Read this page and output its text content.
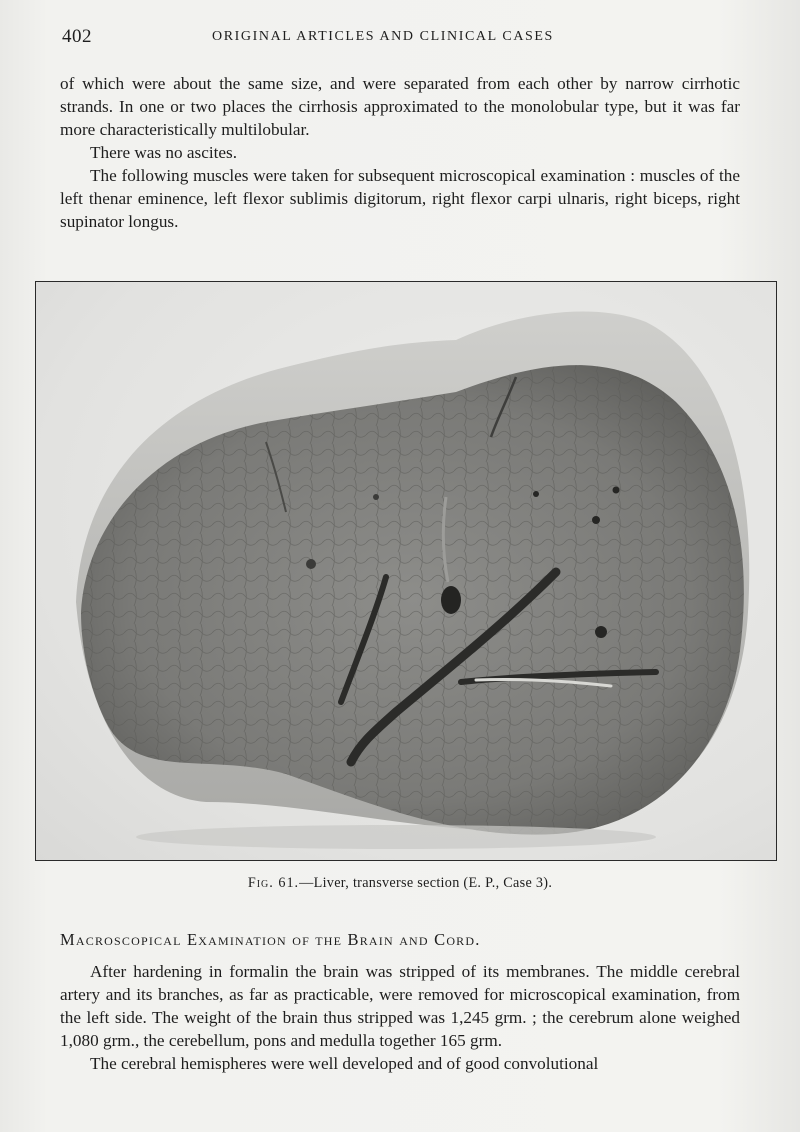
402	ORIGINAL ARTICLES AND CLINICAL CASES

of which were about the same size, and were separated from each other by narrow cirrhotic strands. In one or two places the cirrhosis approximated to the monolobular type, but it was far more characteristically multilobular.

There was no ascites.

The following muscles were taken for subsequent microscopical examination : muscles of the left thenar eminence, left flexor sublimis digitorum, right flexor carpi ulnaris, right biceps, right supinator longus.

Fig. 61.—Liver, transverse section (E. P., Case 3).
Macroscopical Examination of the Brain and Cord.

After hardening in formalin the brain was stripped of its membranes. The middle cerebral artery and its branches, as far as practicable, were removed for microscopical examination, from the left side. The weight of the brain thus stripped was 1,245 grm. ; the cerebrum alone weighed 1,080 grm., the cerebellum, pons and medulla together 165 grm.

The cerebral hemispheres were well developed and of good convolutional
